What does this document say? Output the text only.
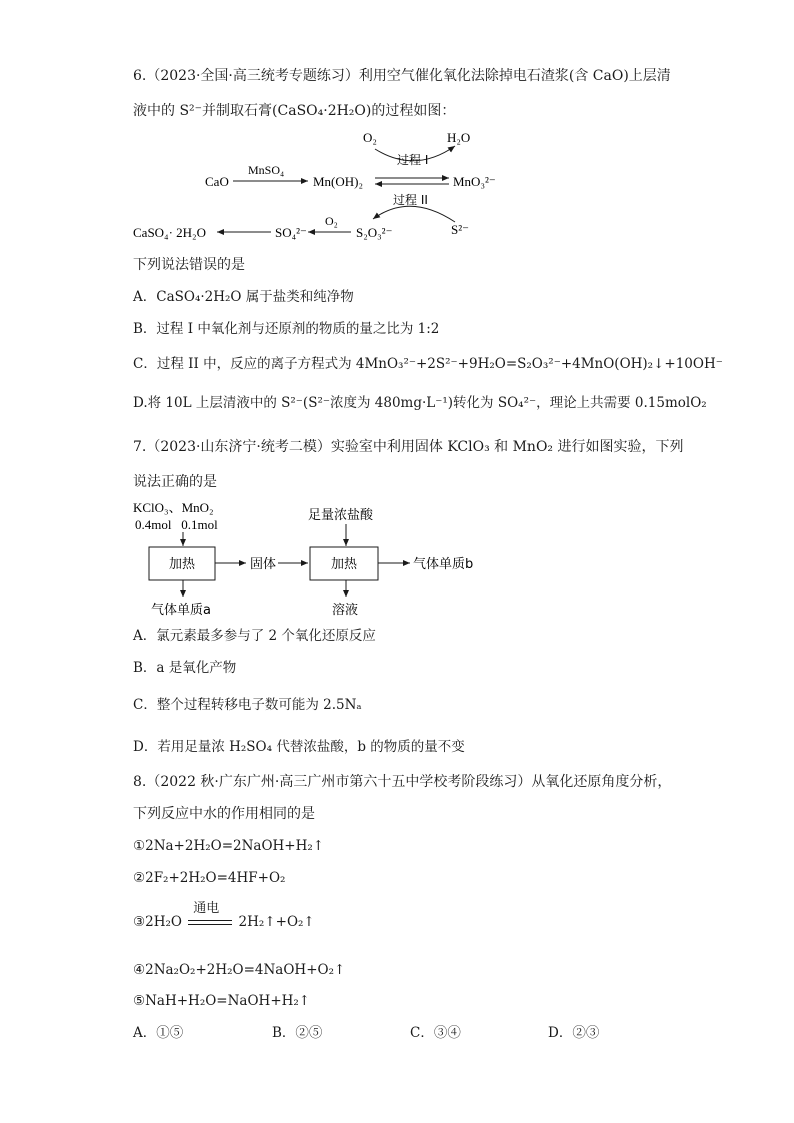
6.（2023·全国·高三统考专题练习）利用空气催化氧化法除掉电石渣浆(含 CaO)上层清
液中的 S²⁻并制取石膏(CaSO₄·2H₂O)的过程如图：
O₂	H₂O
过程 I
CaO
MnSO₄
Mn(OH)₂	MnO₃²⁻
过程 II
S²⁻
S₂O₃²⁻
O₂
SO₄²⁻
CaSO₄· 2H₂O
下列说法错误的是
A．CaSO₄·2H₂O 属于盐类和纯净物
B．过程 I 中氧化剂与还原剂的物质的量之比为 1:2
C．过程 II 中，反应的离子方程式为 4MnO₃²⁻+2S²⁻+9H₂O=S₂O₃²⁻+4MnO(OH)₂↓+10OH⁻
D.将 10L 上层清液中的 S²⁻(S²⁻浓度为 480mg·L⁻¹)转化为 SO₄²⁻，理论上共需要 0.15molO₂
7.（2023·山东济宁·统考二模）实验室中利用固体 KClO₃ 和 MnO₂ 进行如图实验，下列
说法正确的是
KClO₃、MnO₂
0.4mol   0.1mol
加热	固体
足量浓盐酸
加热	气体单质b
气体单质a	溶液
A．氯元素最多参与了 2 个氧化还原反应
B．a 是氧化产物
C．整个过程转移电子数可能为 2.5Nₐ
D．若用足量浓 H₂SO₄ 代替浓盐酸，b 的物质的量不变
8.（2022 秋·广东广州·高三广州市第六十五中学校考阶段练习）从氧化还原角度分析，
下列反应中水的作用相同的是
①2Na+2H₂O=2NaOH+H₂↑
②2F₂+2H₂O=4HF+O₂
③2H₂O
通电
2H₂↑+O₂↑
④2Na₂O₂+2H₂O=4NaOH+O₂↑
⑤NaH+H₂O=NaOH+H₂↑
A．①⑤	B．②⑤	C．③④	D．②③
